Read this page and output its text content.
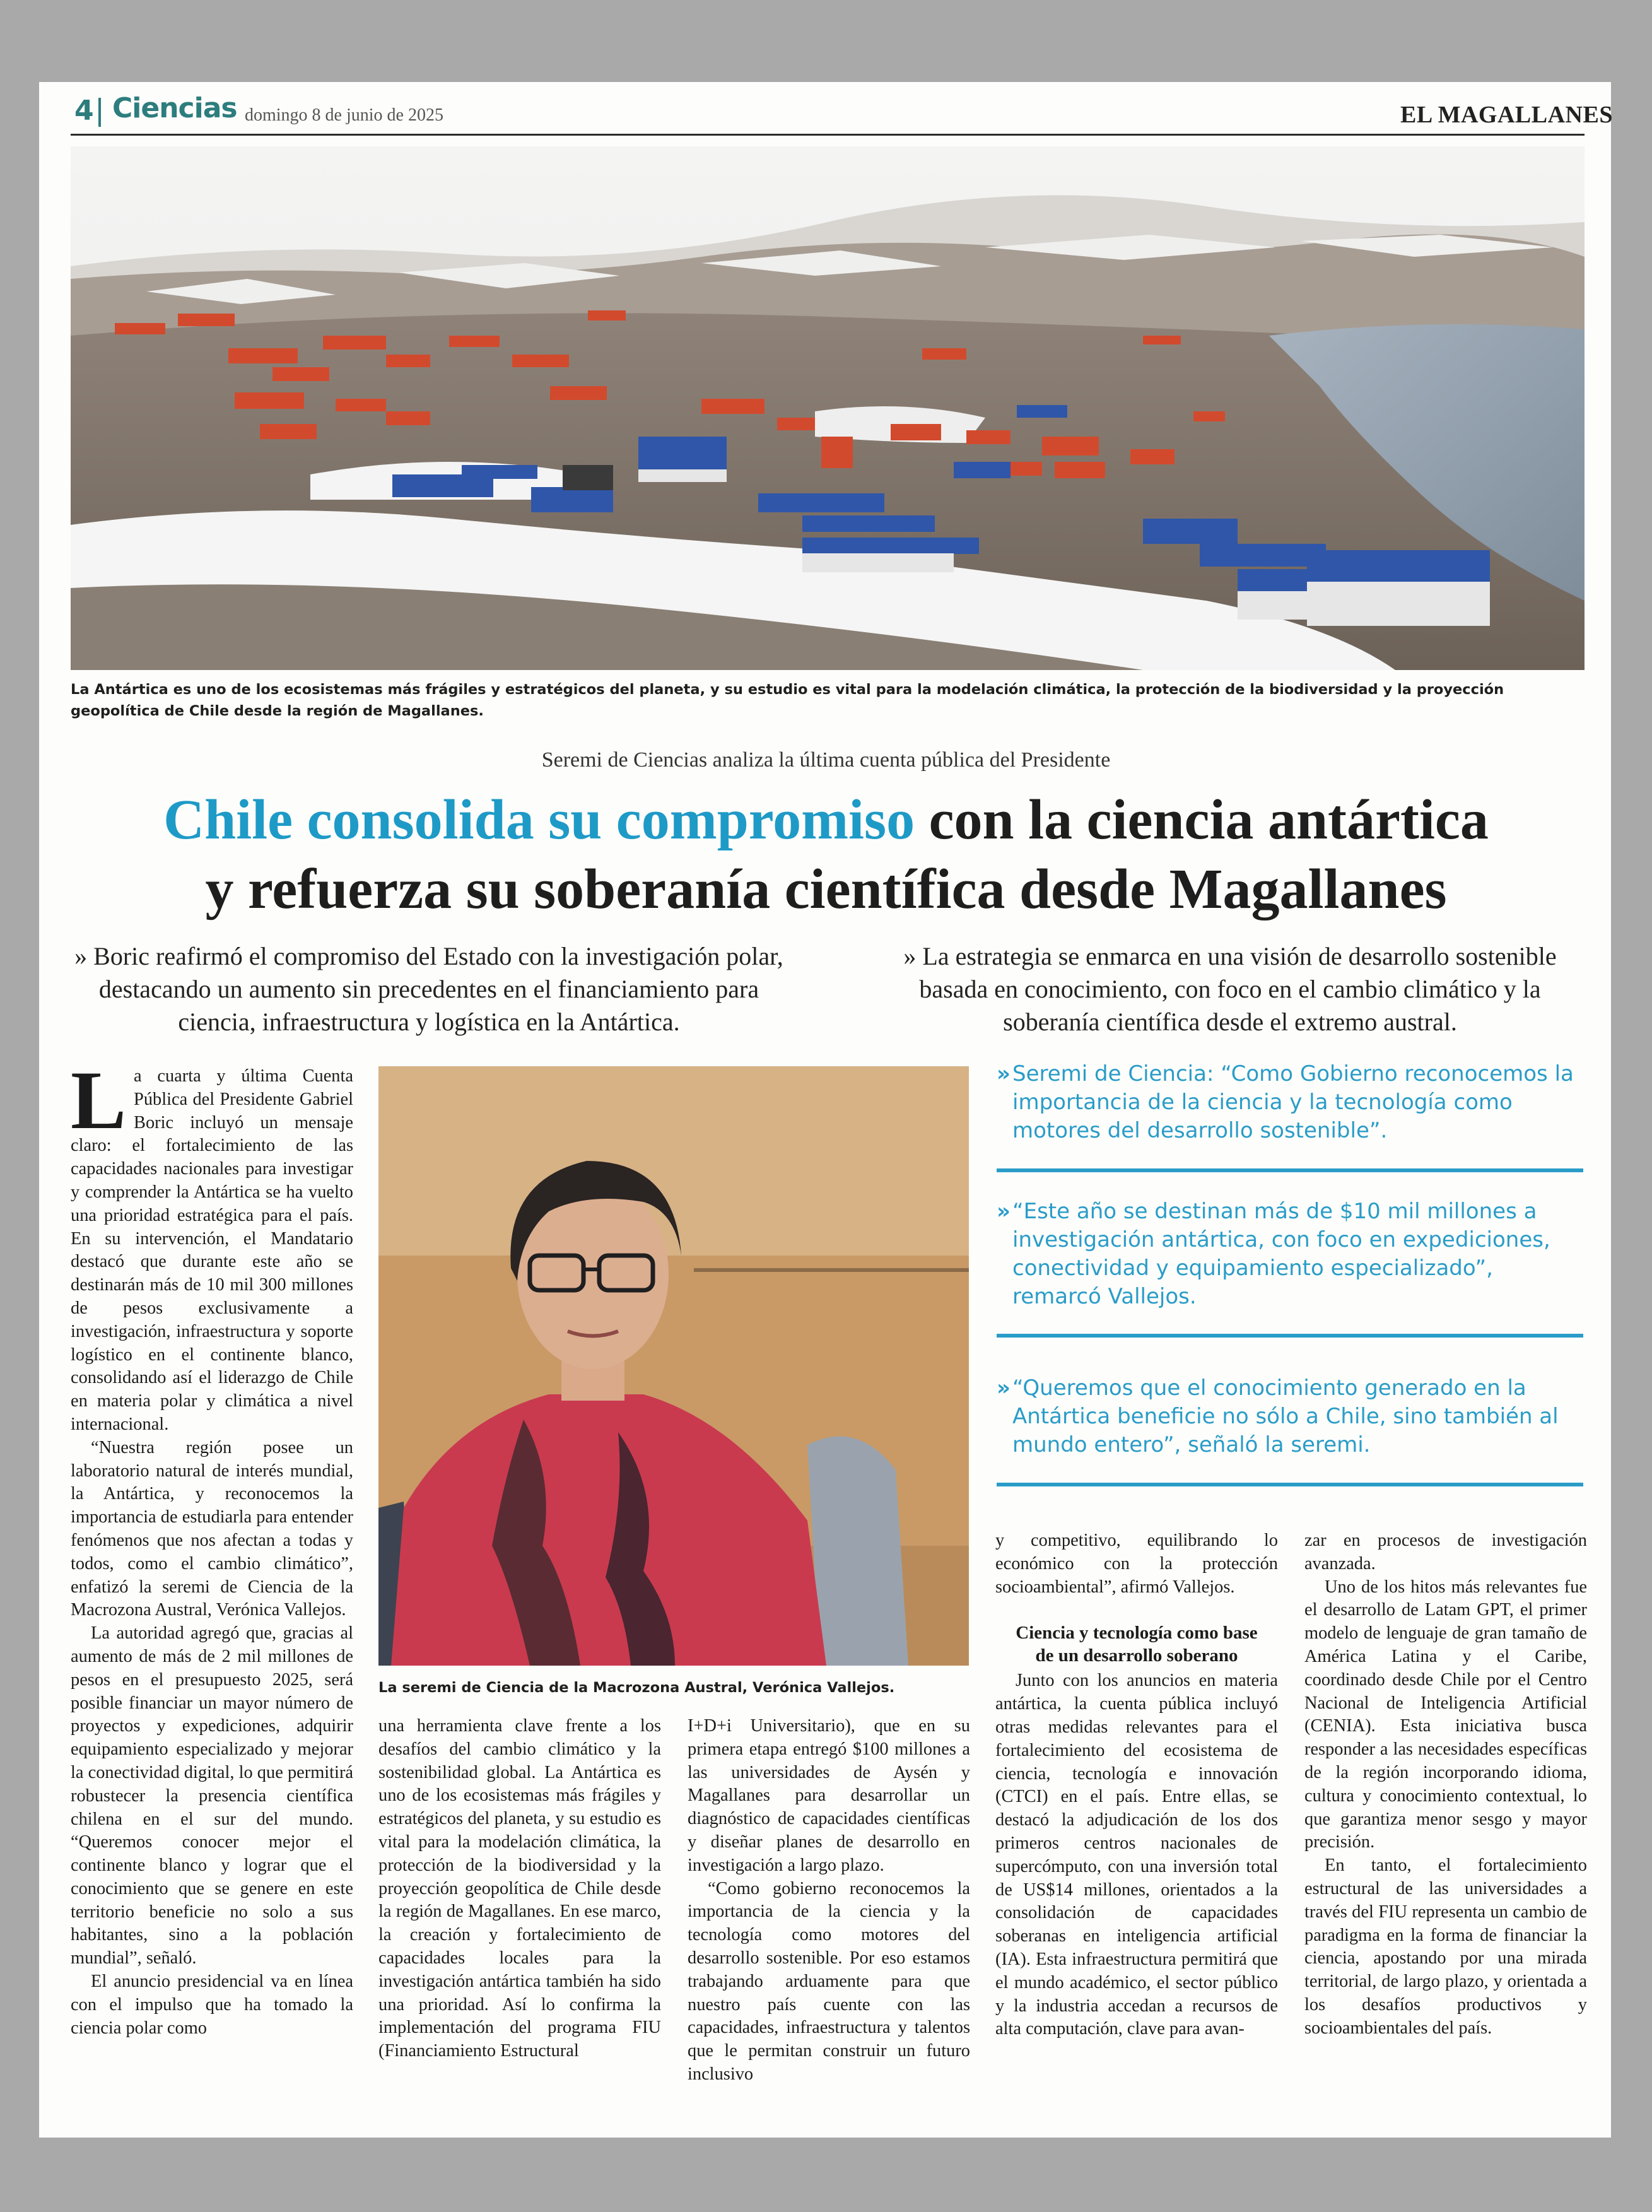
4 Ciencias domingo 8 de junio de 2025	EL MAGALLANES
La Antártica es uno de los ecosistemas más frágiles y estratégicos del planeta, y su estudio es vital para la modelación climática, la protección de la biodiversidad y la proyección geopolítica de Chile desde la región de Magallanes.
Seremi de Ciencias analiza la última cuenta pública del Presidente
Chile consolida su compromiso con la ciencia antártica
y refuerza su soberanía científica desde Magallanes
» Boric reafirmó el compromiso del Estado con la investigación polar, destacando un aumento sin precedentes en el financiamiento para ciencia, infraestructura y logística en la Antártica.
» La estrategia se enmarca en una visión de desarrollo sostenible basada en conocimiento, con foco en el cambio climático y la soberanía científica desde el extremo austral.

La cuarta y última Cuenta Pública del Presidente Gabriel Boric incluyó un mensaje claro: el fortalecimiento de las capacidades nacionales para investigar y comprender la Antártica se ha vuelto una prioridad estratégica para el país. En su intervención, el Mandatario destacó que durante este año se destinarán más de 10 mil 300 millones de pesos exclusivamente a investigación, infraestructura y soporte logístico en el continente blanco, consolidando así el liderazgo de Chile en materia polar y climática a nivel internacional.

“Nuestra región posee un laboratorio natural de interés mundial, la Antártica, y reconocemos la importancia de estudiarla para entender fenómenos que nos afectan a todas y todos, como el cambio climático”, enfatizó la seremi de Ciencia de la Macrozona Austral, Verónica Vallejos.

La autoridad agregó que, gracias al aumento de más de 2 mil millones de pesos en el presupuesto 2025, será posible financiar un mayor número de proyectos y expediciones, adquirir equipamiento especializado y mejorar la conectividad digital, lo que permitirá robustecer la presencia científica chilena en el sur del mundo. “Queremos conocer mejor el continente blanco y lograr que el conocimiento que se genere en este territorio beneficie no solo a sus habitantes, sino a la población mundial”, señaló.

El anuncio presidencial va en línea con el impulso que ha tomado la ciencia polar como

La seremi de Ciencia de la Macrozona Austral, Verónica Vallejos.

una herramienta clave frente a los desafíos del cambio climático y la sostenibilidad global. La Antártica es uno de los ecosistemas más frágiles y estratégicos del planeta, y su estudio es vital para la modelación climática, la protección de la biodiversidad y la proyección geopolítica de Chile desde la región de Magallanes. En ese marco, la creación y fortalecimiento de capacidades locales para la investigación antártica también ha sido una prioridad. Así lo confirma la implementación del programa FIU (Financiamiento Estructural

I+D+i Universitario), que en su primera etapa entregó $100 millones a las universidades de Aysén y Magallanes para desarrollar un diagnóstico de capacidades científicas y diseñar planes de desarrollo en investigación a largo plazo.

“Como gobierno reconocemos la importancia de la ciencia y la tecnología como motores del desarrollo sostenible. Por eso estamos trabajando arduamente para que nuestro país cuente con las capacidades, infraestructura y talentos que le permitan construir un futuro inclusivo

» Seremi de Ciencia: “Como Gobierno reconocemos la importancia de la ciencia y la tecnología como motores del desarrollo sostenible”.
» “Este año se destinan más de $10 mil millones a investigación antártica, con foco en expediciones, conectividad y equipamiento especializado”, remarcó Vallejos.
» “Queremos que el conocimiento generado en la Antártica beneficie no sólo a Chile, sino también al mundo entero”, señaló la seremi.

y competitivo, equilibrando lo económico con la protección socioambiental”, afirmó Vallejos.

Ciencia y tecnología como base de un desarrollo soberano

Junto con los anuncios en materia antártica, la cuenta pública incluyó otras medidas relevantes para el fortalecimiento del ecosistema de ciencia, tecnología e innovación (CTCI) en el país. Entre ellas, se destacó la adjudicación de los dos primeros centros nacionales de supercómputo, con una inversión total de US$14 millones, orientados a la consolidación de capacidades soberanas en inteligencia artificial (IA). Esta infraestructura permitirá que el mundo académico, el sector público y la industria accedan a recursos de alta computación, clave para avan-

zar en procesos de investigación avanzada.

Uno de los hitos más relevantes fue el desarrollo de Latam GPT, el primer modelo de lenguaje de gran tamaño de América Latina y el Caribe, coordinado desde Chile por el Centro Nacional de Inteligencia Artificial (CENIA). Esta iniciativa busca responder a las necesidades específicas de la región incorporando idioma, cultura y conocimiento contextual, lo que garantiza menor sesgo y mayor precisión.

En tanto, el fortalecimiento estructural de las universidades a través del FIU representa un cambio de paradigma en la forma de financiar la ciencia, apostando por una mirada territorial, de largo plazo, y orientada a los desafíos productivos y socioambientales del país.
